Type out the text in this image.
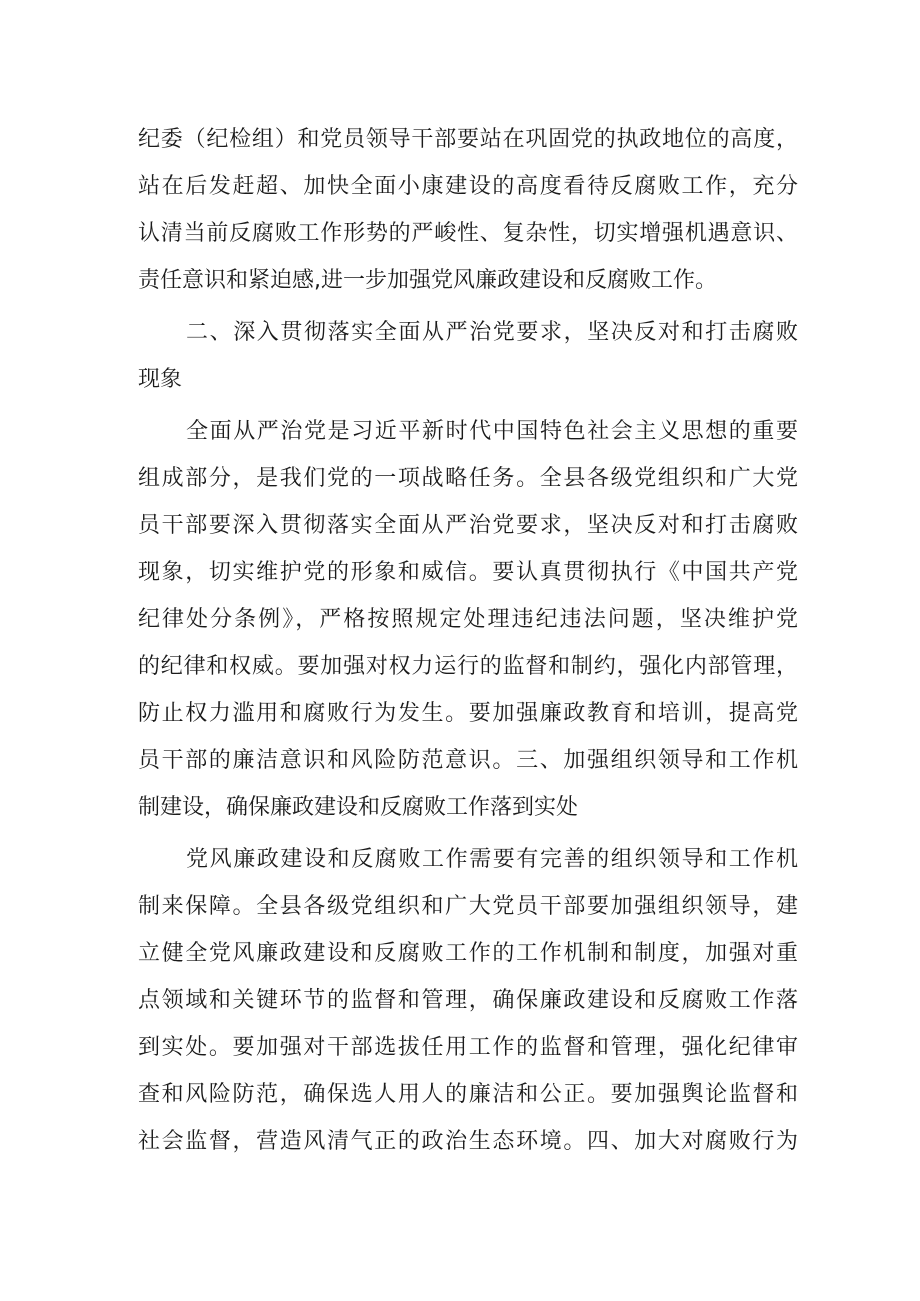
纪委（纪检组）和党员领导干部要站在巩固党的执政地位的高度，
站在后发赶超、加快全面小康建设的高度看待反腐败工作，充分
认清当前反腐败工作形势的严峻性、复杂性，切实增强机遇意识、
责任意识和紧迫感,进一步加强党风廉政建设和反腐败工作。
二、深入贯彻落实全面从严治党要求，坚决反对和打击腐败
现象
全面从严治党是习近平新时代中国特色社会主义思想的重要
组成部分，是我们党的一项战略任务。全县各级党组织和广大党
员干部要深入贯彻落实全面从严治党要求，坚决反对和打击腐败
现象，切实维护党的形象和威信。要认真贯彻执行《中国共产党
纪律处分条例》，严格按照规定处理违纪违法问题，坚决维护党
的纪律和权威。要加强对权力运行的监督和制约，强化内部管理，
防止权力滥用和腐败行为发生。要加强廉政教育和培训，提高党
员干部的廉洁意识和风险防范意识。三、加强组织领导和工作机
制建设，确保廉政建设和反腐败工作落到实处
党风廉政建设和反腐败工作需要有完善的组织领导和工作机
制来保障。全县各级党组织和广大党员干部要加强组织领导，建
立健全党风廉政建设和反腐败工作的工作机制和制度，加强对重
点领域和关键环节的监督和管理，确保廉政建设和反腐败工作落
到实处。要加强对干部选拔任用工作的监督和管理，强化纪律审
查和风险防范，确保选人用人的廉洁和公正。要加强舆论监督和
社会监督，营造风清气正的政治生态环境。四、加大对腐败行为
